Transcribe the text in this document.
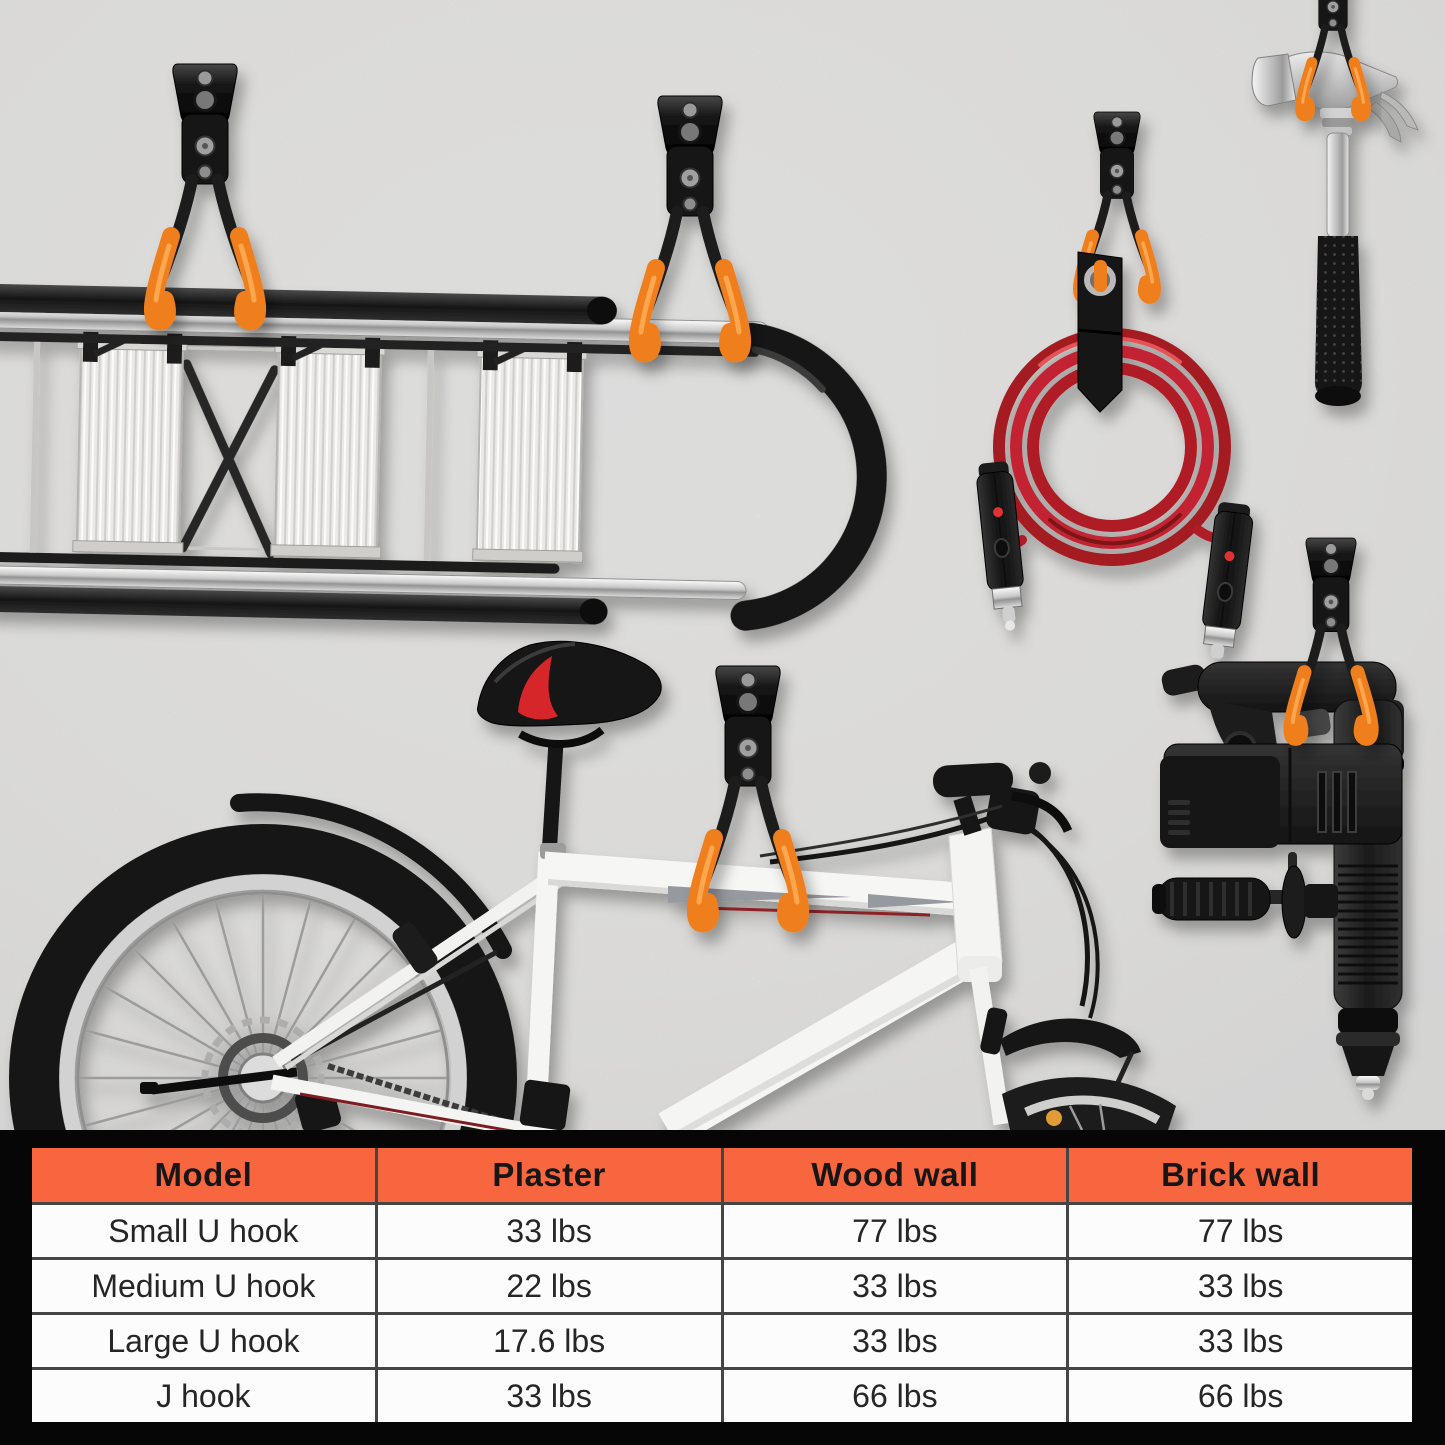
Model	Plaster	Wood wall	Brick wall
Small U hook	33 lbs	77 lbs	77 lbs
Medium U hook	22 lbs	33 lbs	33 lbs
Large U hook	17.6 lbs	33 lbs	33 lbs
J hook	33 lbs	66 lbs	66 lbs
